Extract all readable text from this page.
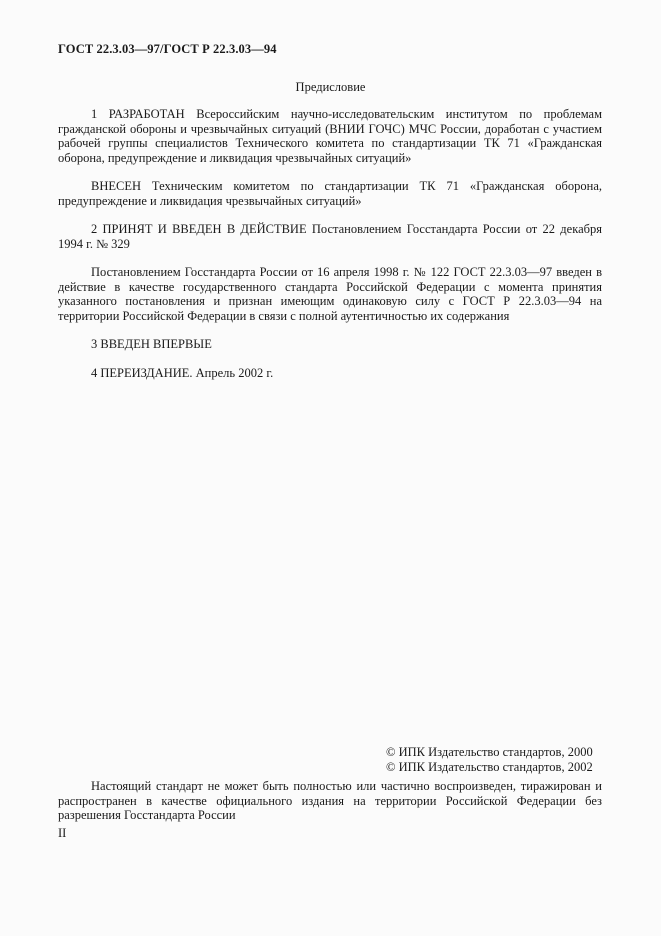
ГОСТ 22.3.03—97/ГОСТ Р 22.3.03—94
Предисловие

1 РАЗРАБОТАН Всероссийским научно-исследовательским институтом по проблемам гражданской обороны и чрезвычайных ситуаций (ВНИИ ГОЧС) МЧС России, доработан с участием рабочей группы специалистов Технического комитета по стандартизации ТК 71 «Гражданская оборона, предупреждение и ликвидация чрезвычайных ситуаций»

ВНЕСЕН Техническим комитетом по стандартизации ТК 71 «Гражданская оборона, предупреждение и ликвидация чрезвычайных ситуаций»

2 ПРИНЯТ И ВВЕДЕН В ДЕЙСТВИЕ Постановлением Госстандарта России от 22 декабря 1994 г. № 329

Постановлением Госстандарта России от 16 апреля 1998 г. № 122 ГОСТ 22.3.03—97 введен в действие в качестве государственного стандарта Российской Федерации с момента принятия указанного постановления и признан имеющим одинаковую силу с ГОСТ Р 22.3.03—94 на территории Российской Федерации в связи с полной аутентичностью их содержания

3 ВВЕДЕН ВПЕРВЫЕ

4 ПЕРЕИЗДАНИЕ. Апрель 2002 г.

© ИПК Издательство стандартов, 2000
© ИПК Издательство стандартов, 2002
Настоящий стандарт не может быть полностью или частично воспроизведен, тиражирован и распространен в качестве официального издания на территории Российской Федерации без разрешения Госстандарта России
II
